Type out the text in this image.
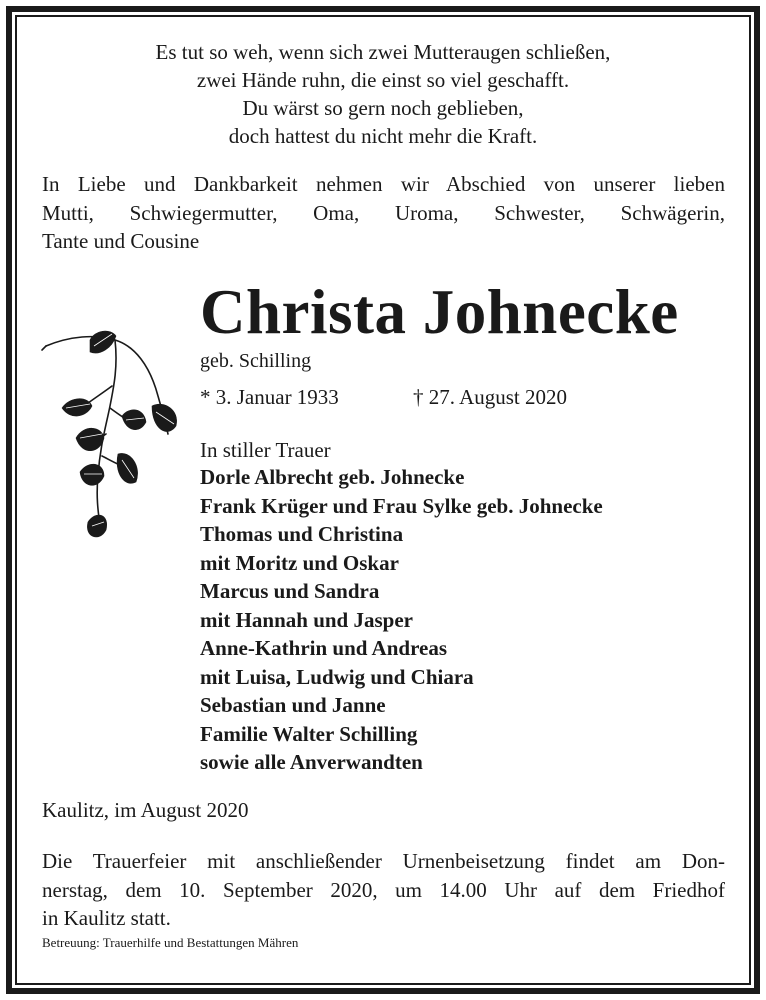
Es tut so weh, wenn sich zwei Mutteraugen schließen,
zwei Hände ruhn, die einst so viel geschafft.
Du wärst so gern noch geblieben,
doch hattest du nicht mehr die Kraft.
In Liebe und Dankbarkeit nehmen wir Abschied von unserer lieben
Mutti, Schwiegermutter, Oma, Uroma, Schwester, Schwägerin,
Tante und Cousine
Christa Johnecke
geb. Schilling
* 3. Januar 1933	† 27. August 2020
In stiller Trauer
Dorle Albrecht geb. Johnecke
Frank Krüger und Frau Sylke geb. Johnecke
Thomas und Christina
mit Moritz und Oskar
Marcus und Sandra
mit Hannah und Jasper
Anne-Kathrin und Andreas
mit Luisa, Ludwig und Chiara
Sebastian und Janne
Familie Walter Schilling
sowie alle Anverwandten
Kaulitz, im August 2020
Die Trauerfeier mit anschließender Urnenbeisetzung findet am Don-
nerstag, dem 10. September 2020, um 14.00 Uhr auf dem Friedhof
in Kaulitz statt.
Betreuung: Trauerhilfe und Bestattungen Mähren
